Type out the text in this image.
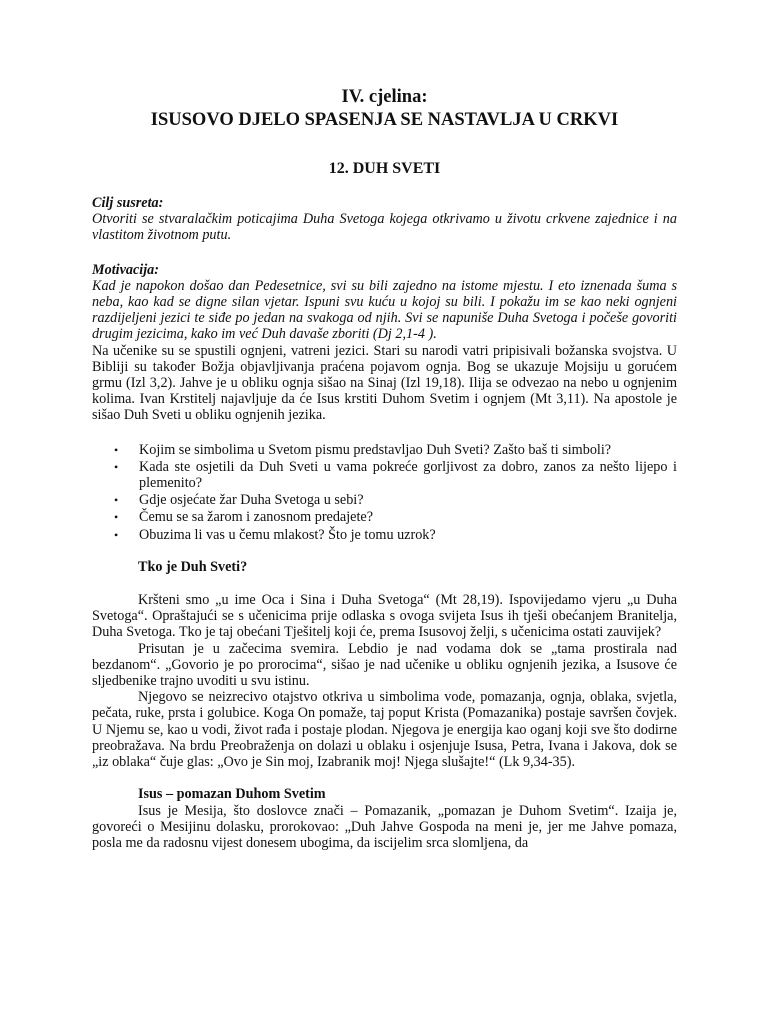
IV. cjelina:
ISUSOVO DJELO SPASENJA SE NASTAVLJA U CRKVI
12. DUH SVETI

Cilj susreta:

Otvoriti se stvaralačkim poticajima Duha Svetoga kojega otkrivamo u životu crkvene zajednice i na vlastitom životnom putu.

Motivacija:

Kad je napokon došao dan Pedesetnice, svi su bili zajedno na istome mjestu. I eto iznenada šuma s neba, kao kad se digne silan vjetar. Ispuni svu kuću u kojoj su bili. I pokažu im se kao neki ognjeni razdijeljeni jezici te siđe po jedan na svakoga od njih. Svi se napuniše Duha Svetoga i počeše govoriti drugim jezicima, kako im već Duh davaše zboriti (Dj 2,1-4 ).

Na učenike su se spustili ognjeni, vatreni jezici. Stari su narodi vatri pripisivali božanska svojstva. U Bibliji su također Božja objavljivanja praćena pojavom ognja. Bog se ukazuje Mojsiju u gorućem grmu (Izl 3,2). Jahve je u obliku ognja sišao na Sinaj (Izl 19,18). Ilija se odvezao na nebo u ognjenim kolima. Ivan Krstitelj najavljuje da će Isus krstiti Duhom Svetim i ognjem (Mt 3,11). Na apostole je sišao Duh Sveti u obliku ognjenih jezika.

• Kojim se simbolima u Svetom pismu predstavljao Duh Sveti? Zašto baš ti simboli?
• Kada ste osjetili da Duh Sveti u vama pokreće gorljivost za dobro, zanos za nešto lijepo i plemenito?
• Gdje osjećate žar Duha Svetoga u sebi?
• Čemu se sa žarom i zanosnom predajete?
• Obuzima li vas u čemu mlakost? Što je tomu uzrok?

Tko je Duh Sveti?

Kršteni smo „u ime Oca i Sina i Duha Svetoga“ (Mt 28,19). Ispovijedamo vjeru „u Duha Svetoga“. Opraštajući se s učenicima prije odlaska s ovoga svijeta Isus ih tješi obećanjem Branitelja, Duha Svetoga. Tko je taj obećani Tješitelj koji će, prema Isusovoj želji, s učenicima ostati zauvijek?

Prisutan je u začecima svemira. Lebdio je nad vodama dok se „tama prostirala nad bezdanom“. „Govorio je po prorocima“, sišao je nad učenike u obliku ognjenih jezika, a Isusove će sljedbenike trajno uvoditi u svu istinu.

Njegovo se neizrecivo otajstvo otkriva u simbolima vode, pomazanja, ognja, oblaka, svjetla, pečata, ruke, prsta i golubice. Koga On pomaže, taj poput Krista (Pomazanika) postaje savršen čovjek. U Njemu se, kao u vodi, život rađa i postaje plodan. Njegova je energija kao oganj koji sve što dodirne preobražava. Na brdu Preobraženja on dolazi u oblaku i osjenjuje Isusa, Petra, Ivana i Jakova, dok se „iz oblaka“ čuje glas: „Ovo je Sin moj, Izabranik moj! Njega slušajte!“ (Lk 9,34-35).

Isus – pomazan Duhom Svetim

Isus je Mesija, što doslovce znači – Pomazanik, „pomazan je Duhom Svetim“. Izaija je, govoreći o Mesijinu dolasku, prorokovao: „Duh Jahve Gospoda na meni je, jer me Jahve pomaza, posla me da radosnu vijest donesem ubogima, da iscijelim srca slomljena, da
